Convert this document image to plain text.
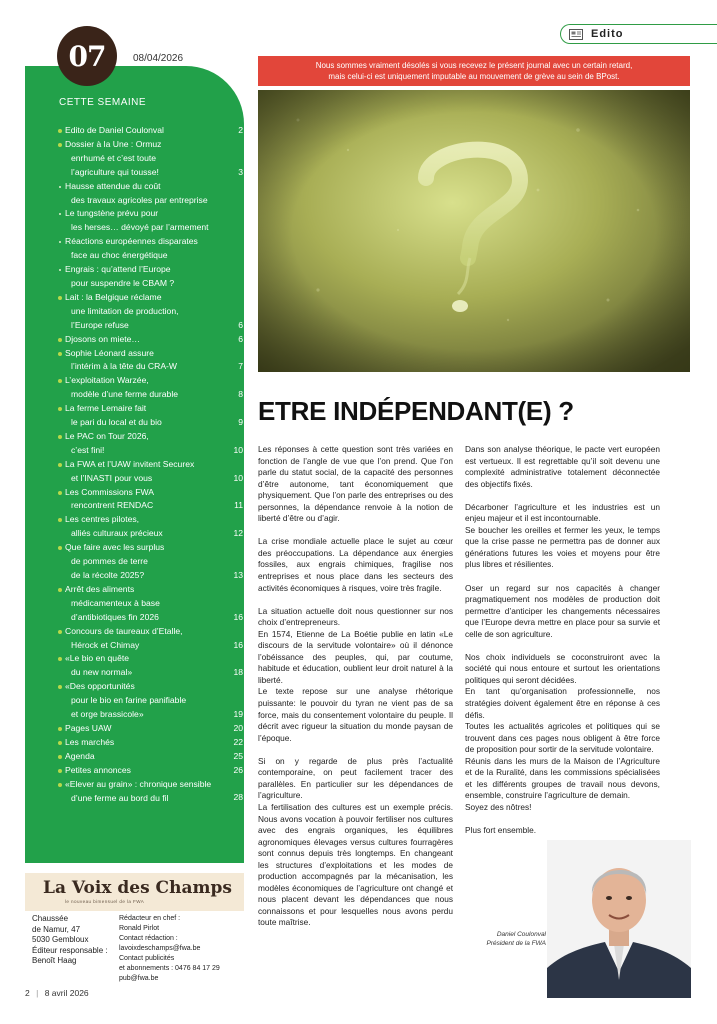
Edito
07	08/04/2026
CETTE SEMAINE
Edito de Daniel Coulonval	2
Dossier à la Une : Ormuz
enrhumé et c’est toute
l’agriculture qui tousse!	3
Hausse attendue du coût
des travaux agricoles par entreprise
Le tungstène prévu pour
les herses… dévoyé par l’armement
Réactions européennes disparates
face au choc énergétique
Engrais : qu’attend l’Europe
pour suspendre le CBAM ?
Lait : la Belgique réclame
une limitation de production,
l’Europe refuse	6
Djosons on miete…	6
Sophie Léonard assure
l’intérim à la tête du CRA-W	7
L’exploitation Warzée,
modèle d’une ferme durable	8
La ferme Lemaire fait
le pari du local et du bio	9
Le PAC on Tour 2026,
c’est fini!	10
La FWA et l’UAW invitent Securex
et l’INASTI pour vous	10
Les Commissions FWA
rencontrent RENDAC	11
Les centres pilotes,
alliés culturaux précieux	12
Que faire avec les surplus
de pommes de terre
de la récolte 2025?	13
Arrêt des aliments
médicamenteux à base
d’antibiotiques fin 2026	16
Concours de taureaux d’Etalle,
Hérock et Chimay	16
«Le bio en quête
du new normal»	18
«Des opportunités
pour le bio en farine panifiable
et orge brassicole»	19
Pages UAW	20
Les marchés	22
Agenda	25
Petites annonces	26
«Elever au grain» : chronique sensible
d’une ferme au bord du fil	28
La Voix des Champs
le nouveau bimensuel de la FWA
Chaussée
de Namur, 47
5030 Gembloux
Éditeur responsable :
Benoît Haag
Rédacteur en chef :
Ronald Pirlot
Contact rédaction :
lavoixdeschamps@fwa.be
Contact publicités
et abonnements : 0476 84 17 29
pub@fwa.be
2 | 8 avril 2026
Nous sommes vraiment désolés si vous recevez le présent journal avec un certain retard,
mais celui-ci est uniquement imputable au mouvement de grève au sein de BPost.
ETRE INDÉPENDANT(E) ?

Les réponses à cette question sont très variées en fonction de l’angle de vue que l’on prend. Que l’on parle du statut social, de la capacité des personnes d’être autonome, tant économiquement que physiquement. Que l’on parle des entreprises ou des personnes, la dépendance renvoie à la notion de liberté d’être ou d’agir.

La crise mondiale actuelle place le sujet au cœur des préoccupations. La dépendance aux énergies fossiles, aux engrais chimiques, fragilise nos entreprises et nous place dans les secteurs des activités économiques à risques, voire très fragile.

La situation actuelle doit nous questionner sur nos choix d’entrepreneurs.
En 1574, Etienne de La Boétie publie en latin «Le discours de la servitude volontaire» où il dénonce l’obéissance des peuples, qui, par coutume, habitude et éducation, oublient leur droit naturel à la liberté.
Le texte repose sur une analyse rhétorique puissante: le pouvoir du tyran ne vient pas de sa force, mais du consentement volontaire du peuple. Il décrit avec rigueur la situation du monde paysan de l’époque.

Si on y regarde de plus près l’actualité contemporaine, on peut facilement tracer des parallèles. En particulier sur les dépendances de l’agriculture.
La fertilisation des cultures est un exemple précis. Nous avons vocation à pouvoir fertiliser nos cultures avec des engrais organiques, les équilibres agronomiques élevages versus cultures fourragères sont connus depuis très longtemps. En changeant les structures d’exploitations et les modes de production accompagnés par la mécanisation, les modèles économiques de l’agriculture ont changé et nous placent devant les dépendances que nous connaissons et pour lesquelles nous avons perdu toute maîtrise.

Dans son analyse théorique, le pacte vert européen est vertueux. Il est regrettable qu’il soit devenu une complexité administrative totalement déconnectée des objectifs fixés.

Décarboner l’agriculture et les industries est un enjeu majeur et il est incontournable.
Se boucher les oreilles et fermer les yeux, le temps que la crise passe ne permettra pas de donner aux générations futures les voies et moyens pour être plus libres et résilientes.

Oser un regard sur nos capacités à changer pragmatiquement nos modèles de production doit permettre d’anticiper les changements nécessaires que l’Europe devra mettre en place pour sa survie et celle de son agriculture.

Nos choix individuels se coconstruiront avec la société qui nous entoure et surtout les orientations politiques qui seront décidées.
En tant qu’organisation professionnelle, nos stratégies doivent également être en réponse à ces défis.
Toutes les actualités agricoles et politiques qui se trouvent dans ces pages nous obligent à être force de proposition pour sortir de la servitude volontaire.
Réunis dans les murs de la Maison de l’Agriculture et de la Ruralité, dans les commissions spécialisées et les différents groupes de travail nous devons, ensemble, construire l’agriculture de demain.
Soyez des nôtres!

Plus fort ensemble.

Daniel Coulonval
Président de la FWA
